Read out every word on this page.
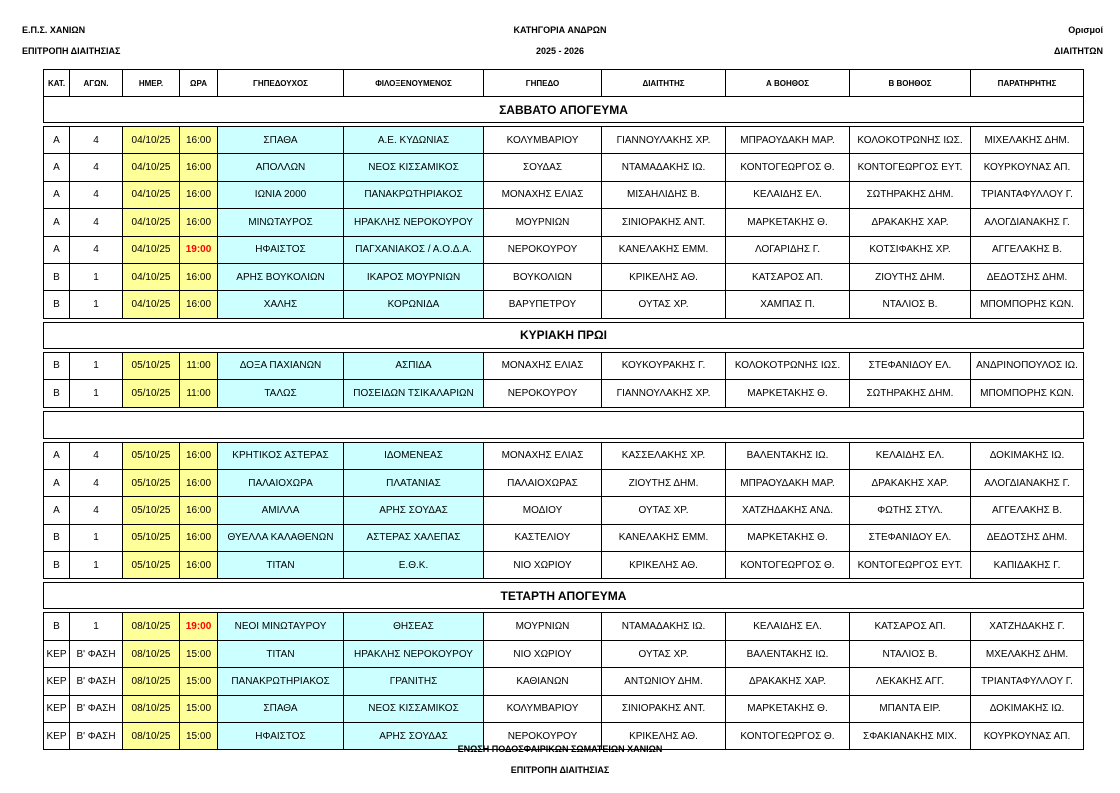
Ε.Π.Σ. ΧΑΝΙΩΝ
ΕΠΙΤΡΟΠΗ ΔΙΑΙΤΗΣΙΑΣ
ΚΑΤΗΓΟΡΙΑ ΑΝΔΡΩΝ
2025 - 2026
Ορισμοί
ΔΙΑΙΤΗΤΩΝ
ΚΑΤ.	ΑΓΩΝ.	ΗΜΕΡ.	ΩΡΑ	ΓΗΠΕΔΟΥΧΟΣ	ΦΙΛΟΞΕΝΟΥΜΕΝΟΣ	ΓΗΠΕΔΟ	ΔΙΑΙΤΗΤΗΣ	Α ΒΟΗΘΟΣ	Β ΒΟΗΘΟΣ	ΠΑΡΑΤΗΡΗΤΗΣ
ΣΑΒΒΑΤΟ ΑΠΟΓΕΥΜΑ										

Α	4	04/10/25	16:00	ΣΠΑΘΑ	Α.Ε. ΚΥΔΩΝΙΑΣ	ΚΟΛΥΜΒΑΡΙΟΥ	ΓΙΑΝΝΟΥΛΑΚΗΣ ΧΡ.	ΜΠΡΑΟΥΔΑΚΗ ΜΑΡ.	ΚΟΛΟΚΟΤΡΩΝΗΣ ΙΩΣ.	ΜΙΧΕΛΑΚΗΣ ΔΗΜ.
Α	4	04/10/25	16:00	ΑΠΟΛΛΩΝ	ΝΕΟΣ ΚΙΣΣΑΜΙΚΟΣ	ΣΟΥΔΑΣ	ΝΤΑΜΑΔΑΚΗΣ ΙΩ.	ΚΟΝΤΟΓΕΩΡΓΟΣ Θ.	ΚΟΝΤΟΓΕΩΡΓΟΣ ΕΥΤ.	ΚΟΥΡΚΟΥΝΑΣ ΑΠ.
Α	4	04/10/25	16:00	ΙΩΝΙΑ 2000	ΠΑΝΑΚΡΩΤΗΡΙΑΚΟΣ	ΜΟΝΑΧΗΣ ΕΛΙΑΣ	ΜΙΣΑΗΛΙΔΗΣ Β.	ΚΕΛΑΙΔΗΣ ΕΛ.	ΣΩΤΗΡΑΚΗΣ ΔΗΜ.	ΤΡΙΑΝΤΑΦΥΛΛΟΥ Γ.
Α	4	04/10/25	16:00	ΜΙΝΩΤΑΥΡΟΣ	ΗΡΑΚΛΗΣ ΝΕΡΟΚΟΥΡΟΥ	ΜΟΥΡΝΙΩΝ	ΣΙΝΙΟΡΑΚΗΣ ΑΝΤ.	ΜΑΡΚΕΤΑΚΗΣ Θ.	ΔΡΑΚΑΚΗΣ ΧΑΡ.	ΑΛΟΓΔΙΑΝΑΚΗΣ Γ.
Α	4	04/10/25	19:00	ΗΦΑΙΣΤΟΣ	ΠΑΓΧΑΝΙΑΚΟΣ / Α.Ο.Δ.Α.	ΝΕΡΟΚΟΥΡΟΥ	ΚΑΝΕΛΑΚΗΣ ΕΜΜ.	ΛΟΓΑΡΙΔΗΣ Γ.	ΚΟΤΣΙΦΑΚΗΣ ΧΡ.	ΑΓΓΕΛΑΚΗΣ Β.
Β	1	04/10/25	16:00	ΑΡΗΣ ΒΟΥΚΟΛΙΩΝ	ΙΚΑΡΟΣ ΜΟΥΡΝΙΩΝ	ΒΟΥΚΟΛΙΩΝ	ΚΡΙΚΕΛΗΣ ΑΘ.	ΚΑΤΣΑΡΟΣ ΑΠ.	ΖΙΟΥΤΗΣ ΔΗΜ.	ΔΕΔΟΤΣΗΣ ΔΗΜ.
Β	1	04/10/25	16:00	ΧΑΛΗΣ	ΚΟΡΩΝΙΔΑ	ΒΑΡΥΠΕΤΡΟΥ	ΟΥΤΑΣ ΧΡ.	ΧΑΜΠΑΣ Π.	ΝΤΑΛΙΟΣ Β.	ΜΠΟΜΠΟΡΗΣ ΚΩΝ.

ΚΥΡΙΑΚΗ ΠΡΩΙ										

Β	1	05/10/25	11:00	ΔΟΞΑ ΠΑΧΙΑΝΩΝ	ΑΣΠΙΔΑ	ΜΟΝΑΧΗΣ ΕΛΙΑΣ	ΚΟΥΚΟΥΡΑΚΗΣ Γ.	ΚΟΛΟΚΟΤΡΩΝΗΣ ΙΩΣ.	ΣΤΕΦΑΝΙΔΟΥ ΕΛ.	ΑΝΔΡΙΝΟΠΟΥΛΟΣ ΙΩ.
Β	1	05/10/25	11:00	ΤΑΛΩΣ	ΠΟΣΕΙΔΩΝ ΤΣΙΚΑΛΑΡΙΩΝ	ΝΕΡΟΚΟΥΡΟΥ	ΓΙΑΝΝΟΥΛΑΚΗΣ ΧΡ.	ΜΑΡΚΕΤΑΚΗΣ Θ.	ΣΩΤΗΡΑΚΗΣ ΔΗΜ.	ΜΠΟΜΠΟΡΗΣ ΚΩΝ.

Α	4	05/10/25	16:00	ΚΡΗΤΙΚΟΣ ΑΣΤΕΡΑΣ	ΙΔΟΜΕΝΕΑΣ	ΜΟΝΑΧΗΣ ΕΛΙΑΣ	ΚΑΣΣΕΛΑΚΗΣ ΧΡ.	ΒΑΛΕΝΤΑΚΗΣ ΙΩ.	ΚΕΛΑΙΔΗΣ ΕΛ.	ΔΟΚΙΜΑΚΗΣ ΙΩ.
Α	4	05/10/25	16:00	ΠΑΛΑΙΟΧΩΡΑ	ΠΛΑΤΑΝΙΑΣ	ΠΑΛΑΙΟΧΩΡΑΣ	ΖΙΟΥΤΗΣ ΔΗΜ.	ΜΠΡΑΟΥΔΑΚΗ ΜΑΡ.	ΔΡΑΚΑΚΗΣ ΧΑΡ.	ΑΛΟΓΔΙΑΝΑΚΗΣ Γ.
Α	4	05/10/25	16:00	ΑΜΙΛΛΑ	ΑΡΗΣ ΣΟΥΔΑΣ	ΜΟΔΙΟΥ	ΟΥΤΑΣ ΧΡ.	ΧΑΤΖΗΔΑΚΗΣ ΑΝΔ.	ΦΩΤΗΣ ΣΤΥΛ.	ΑΓΓΕΛΑΚΗΣ Β.
Β	1	05/10/25	16:00	ΘΥΕΛΛΑ ΚΑΛΑΘΕΝΩΝ	ΑΣΤΕΡΑΣ ΧΑΛΕΠΑΣ	ΚΑΣΤΕΛΙΟΥ	ΚΑΝΕΛΑΚΗΣ ΕΜΜ.	ΜΑΡΚΕΤΑΚΗΣ Θ.	ΣΤΕΦΑΝΙΔΟΥ ΕΛ.	ΔΕΔΟΤΣΗΣ ΔΗΜ.
Β	1	05/10/25	16:00	ΤΙΤΑΝ	Ε.Θ.Κ.	ΝΙΟ ΧΩΡΙΟΥ	ΚΡΙΚΕΛΗΣ ΑΘ.	ΚΟΝΤΟΓΕΩΡΓΟΣ Θ.	ΚΟΝΤΟΓΕΩΡΓΟΣ ΕΥΤ.	ΚΑΠΙΔΑΚΗΣ Γ.

ΤΕΤΑΡΤΗ ΑΠΟΓΕΥΜΑ										

Β	1	08/10/25	19:00	ΝΕΟΙ ΜΙΝΩΤΑΥΡΟΥ	ΘΗΣΕΑΣ	ΜΟΥΡΝΙΩΝ	ΝΤΑΜΑΔΑΚΗΣ ΙΩ.	ΚΕΛΑΙΔΗΣ ΕΛ.	ΚΑΤΣΑΡΟΣ ΑΠ.	ΧΑΤΖΗΔΑΚΗΣ Γ.
ΚΕΡ	Β' ΦΑΣΗ	08/10/25	15:00	ΤΙΤΑΝ	ΗΡΑΚΛΗΣ ΝΕΡΟΚΟΥΡΟΥ	ΝΙΟ ΧΩΡΙΟΥ	ΟΥΤΑΣ ΧΡ.	ΒΑΛΕΝΤΑΚΗΣ ΙΩ.	ΝΤΑΛΙΟΣ Β.	ΜΧΕΛΑΚΗΣ ΔΗΜ.
ΚΕΡ	Β' ΦΑΣΗ	08/10/25	15:00	ΠΑΝΑΚΡΩΤΗΡΙΑΚΟΣ	ΓΡΑΝΙΤΗΣ	ΚΑΘΙΑΝΩΝ	ΑΝΤΩΝΙΟΥ ΔΗΜ.	ΔΡΑΚΑΚΗΣ ΧΑΡ.	ΛΕΚΑΚΗΣ ΑΓΓ.	ΤΡΙΑΝΤΑΦΥΛΛΟΥ Γ.
ΚΕΡ	Β' ΦΑΣΗ	08/10/25	15:00	ΣΠΑΘΑ	ΝΕΟΣ ΚΙΣΣΑΜΙΚΟΣ	ΚΟΛΥΜΒΑΡΙΟΥ	ΣΙΝΙΟΡΑΚΗΣ ΑΝΤ.	ΜΑΡΚΕΤΑΚΗΣ Θ.	ΜΠΑΝΤΑ ΕΙΡ.	ΔΟΚΙΜΑΚΗΣ ΙΩ.
ΚΕΡ	Β' ΦΑΣΗ	08/10/25	15:00	ΗΦΑΙΣΤΟΣ	ΑΡΗΣ ΣΟΥΔΑΣ	ΝΕΡΟΚΟΥΡΟΥ	ΚΡΙΚΕΛΗΣ ΑΘ.	ΚΟΝΤΟΓΕΩΡΓΟΣ Θ.	ΣΦΑΚΙΑΝΑΚΗΣ ΜΙΧ.	ΚΟΥΡΚΟΥΝΑΣ ΑΠ.
ΕΝΩΣΗ ΠΟΔΟΣΦΑΙΡΙΚΩΝ ΣΩΜΑΤΕΙΩΝ ΧΑΝΙΩΝ
ΕΠΙΤΡΟΠΗ ΔΙΑΙΤΗΣΙΑΣ
